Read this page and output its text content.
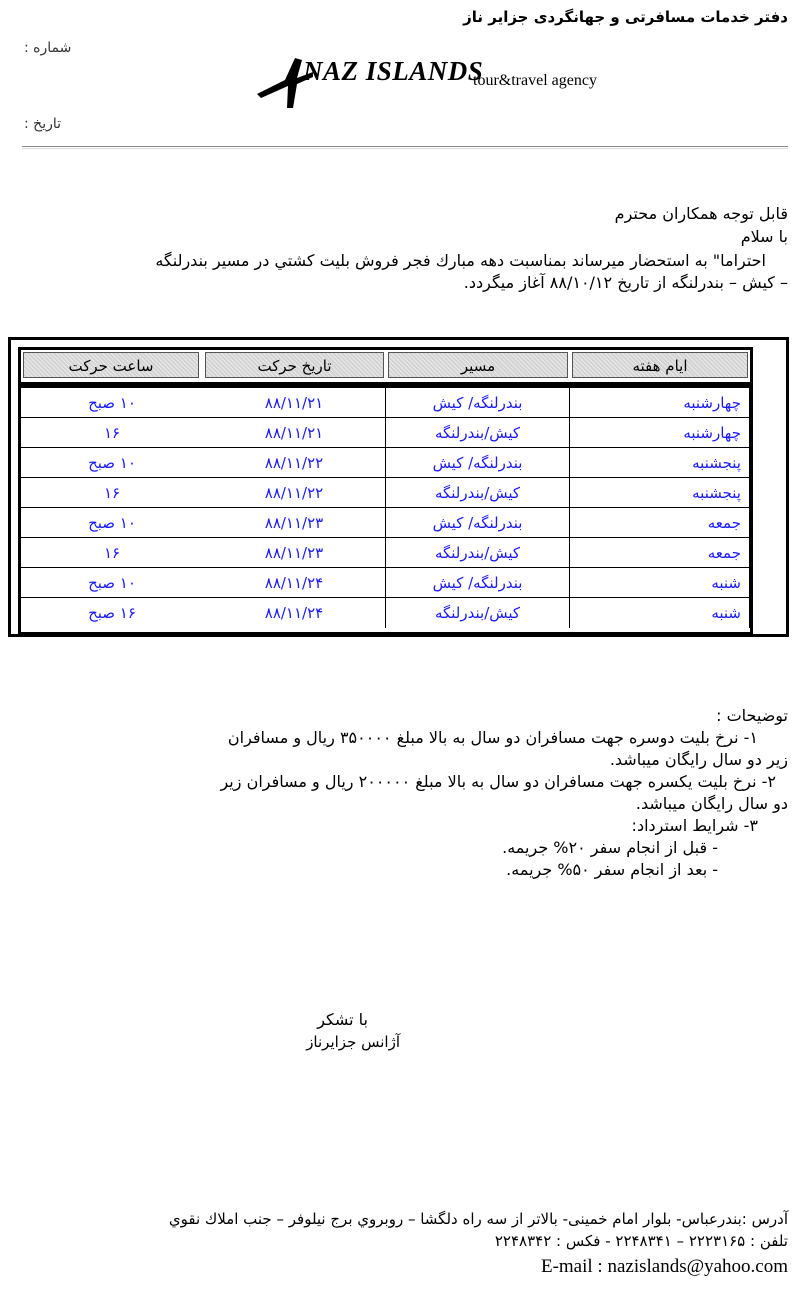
دفتر خدمات مسافرتی و جهانگردی جزایر ناز
شماره :
تاریخ :
NAZ ISLANDS
tour&travel agency
قابل توجه همکاران محترم
با سلام
احتراما" به استحضار میرساند بمناسبت دهه مبارك فجر فروش بليت كشتي در مسير بندرلنگه
– كيش – بندرلنگه از تاریخ ۸۸/۱۰/۱۲ آغاز میگردد.
ایام هفته
مسیر
تاریخ حرکت
ساعت حرکت
چهارشنبه
بندرلنگه/ کیش
۸۸/۱۱/۲۱
۱۰ صبح
چهارشنبه
کیش/بندرلنگه
۸۸/۱۱/۲۱
۱۶
پنجشنبه
بندرلنگه/ کیش
۸۸/۱۱/۲۲
۱۰ صبح
پنجشنبه
کیش/بندرلنگه
۸۸/۱۱/۲۲
۱۶
جمعه
بندرلنگه/ کیش
۸۸/۱۱/۲۳
۱۰ صبح
جمعه
کیش/بندرلنگه
۸۸/۱۱/۲۳
۱۶
شنبه
بندرلنگه/ کیش
۸۸/۱۱/۲۴
۱۰ صبح
شنبه
کیش/بندرلنگه
۸۸/۱۱/۲۴
۱۶ صبح
توضیحات :
۱- نرخ بلیت دوسره جهت مسافران دو سال به بالا مبلغ ۳۵۰۰۰۰ ریال و مسافران
زیر دو سال رایگان میباشد.
۲- نرخ بلیت یکسره جهت مسافران دو سال به بالا مبلغ ۲۰۰۰۰۰ ریال و مسافران زیر
دو سال رایگان میباشد.
۳- شرایط استرداد:
- قبل از انجام سفر ۲۰% جریمه.
- بعد از انجام سفر ۵۰% جریمه.
با تشکر
آژانس جزایرناز
آدرس :بندرعباس- بلوار امام خمینی- بالاتر از سه راه دلگشا – روبروي برج نيلوفر – جنب املاك نقوي
تلفن : ۲۲۲۳۱۶۵ – ۲۲۴۸۳۴۱ - فکس : ۲۲۴۸۳۴۲
E-mail : nazislands@yahoo.com
